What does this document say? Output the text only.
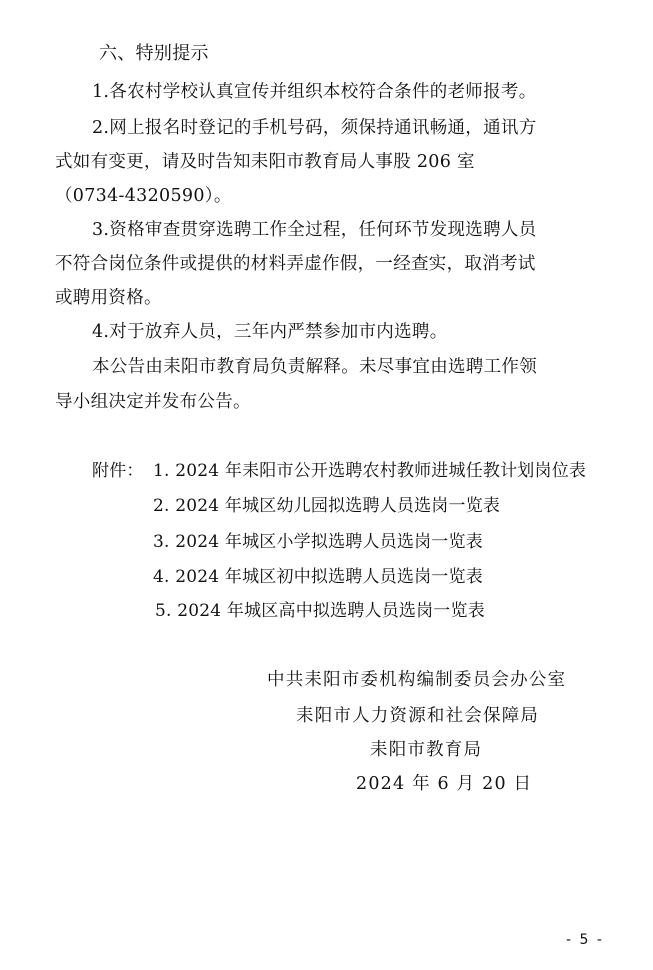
六、特别提示
1.各农村学校认真宣传并组织本校符合条件的老师报考。
2.网上报名时登记的手机号码，须保持通讯畅通，通讯方
式如有变更，请及时告知耒阳市教育局人事股 206 室
（0734-4320590）。
3.资格审查贯穿选聘工作全过程，任何环节发现选聘人员
不符合岗位条件或提供的材料弄虚作假，一经查实，取消考试
或聘用资格。
4.对于放弃人员，三年内严禁参加市内选聘。
本公告由耒阳市教育局负责解释。未尽事宜由选聘工作领
导小组决定并发布公告。
附件： 1. 2024 年耒阳市公开选聘农村教师进城任教计划岗位表
2. 2024 年城区幼儿园拟选聘人员选岗一览表
3. 2024 年城区小学拟选聘人员选岗一览表
4. 2024 年城区初中拟选聘人员选岗一览表
5. 2024 年城区高中拟选聘人员选岗一览表
中共耒阳市委机构编制委员会办公室
耒阳市人力资源和社会保障局
耒阳市教育局
2024 年 6 月 20 日
- 5 -
